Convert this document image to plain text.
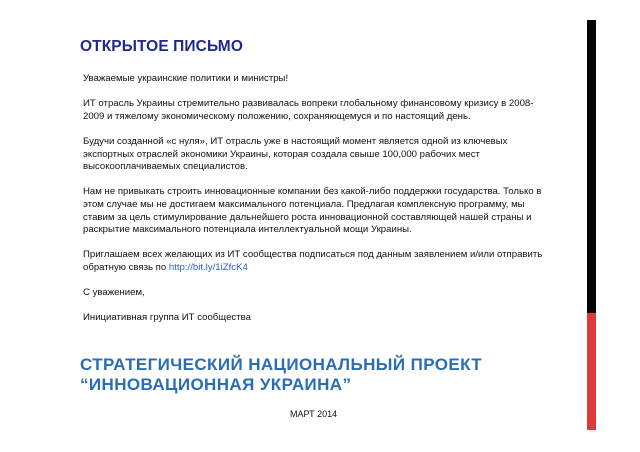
ОТКРЫТОЕ ПИСЬМО

Уважаемые украинские политики и министры!

ИТ отрасль Украины стремительно развивалась вопреки глобальному финансовому кризису в 2008-2009 и тяжелому экономическому положению, сохраняющемуся и по настоящий день.

Будучи созданной «с нуля», ИТ отрасль уже в настоящий момент является одной из ключевых экспортных отраслей экономики Украины, которая создала свыше 100,000 рабочих мест высокооплачиваемых специалистов.

Нам не привыкать строить инновационные компании без какой-либо поддержки государства. Только в этом случае мы не достигаем максимального потенциала. Предлагая комплексную программу, мы ставим за цель стимулирование дальнейшего роста инновационной составляющей нашей страны и раскрытие максимального потенциала интеллектуальной мощи Украины.

Приглашаем всех желающих из ИТ сообщества подписаться под данным заявлением и/или отправить обратную связь по http://bit.ly/1iZfcK4

С уважением,

Инициативная группа ИТ сообщества

СТРАТЕГИЧЕСКИЙ НАЦИОНАЛЬНЫЙ ПРОЕКТ
“ИННОВАЦИОННАЯ УКРАИНА”
МАРТ 2014
